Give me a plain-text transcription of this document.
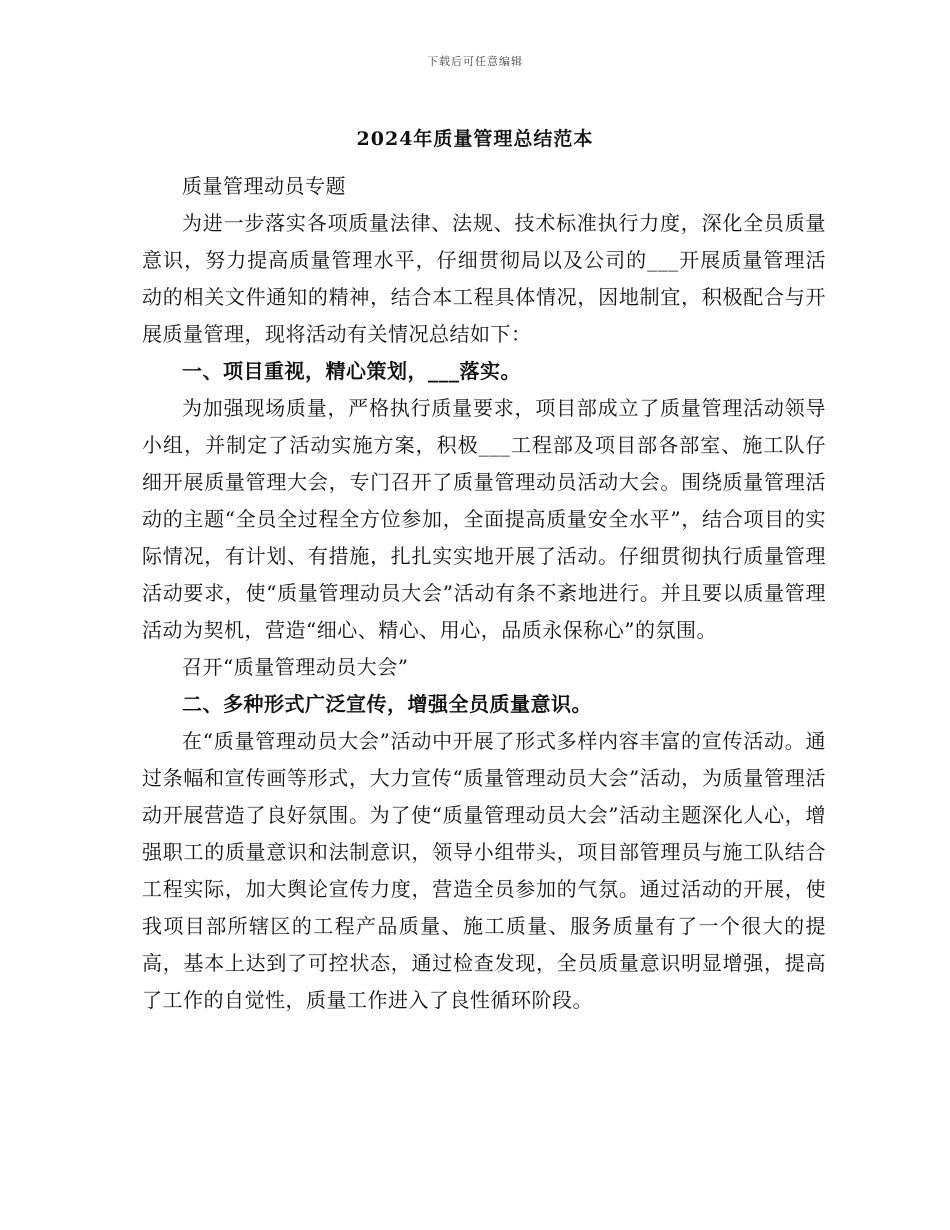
下载后可任意编辑
2024年质量管理总结范本

质量管理动员专题

为进一步落实各项质量法律、法规、技术标准执行力度，深化全员质量意识，努力提高质量管理水平，仔细贯彻局以及公司的___开展质量管理活动的相关文件通知的精神，结合本工程具体情况，因地制宜，积极配合与开展质量管理，现将活动有关情况总结如下：

一、项目重视，精心策划，___落实。

为加强现场质量，严格执行质量要求，项目部成立了质量管理活动领导小组，并制定了活动实施方案，积极___工程部及项目部各部室、施工队仔细开展质量管理大会，专门召开了质量管理动员活动大会。围绕质量管理活动的主题“全员全过程全方位参加，全面提高质量安全水平”，结合项目的实际情况，有计划、有措施，扎扎实实地开展了活动。仔细贯彻执行质量管理活动要求，使“质量管理动员大会”活动有条不紊地进行。并且要以质量管理活动为契机，营造“细心、精心、用心，品质永保称心”的氛围。

召开“质量管理动员大会”

二、多种形式广泛宣传，增强全员质量意识。

在“质量管理动员大会”活动中开展了形式多样内容丰富的宣传活动。通过条幅和宣传画等形式，大力宣传“质量管理动员大会”活动，为质量管理活动开展营造了良好氛围。为了使“质量管理动员大会”活动主题深化人心，增强职工的质量意识和法制意识，领导小组带头，项目部管理员与施工队结合工程实际，加大舆论宣传力度，营造全员参加的气氛。通过活动的开展，使我项目部所辖区的工程产品质量、施工质量、服务质量有了一个很大的提高，基本上达到了可控状态，通过检查发现，全员质量意识明显增强，提高了工作的自觉性，质量工作进入了良性循环阶段。
